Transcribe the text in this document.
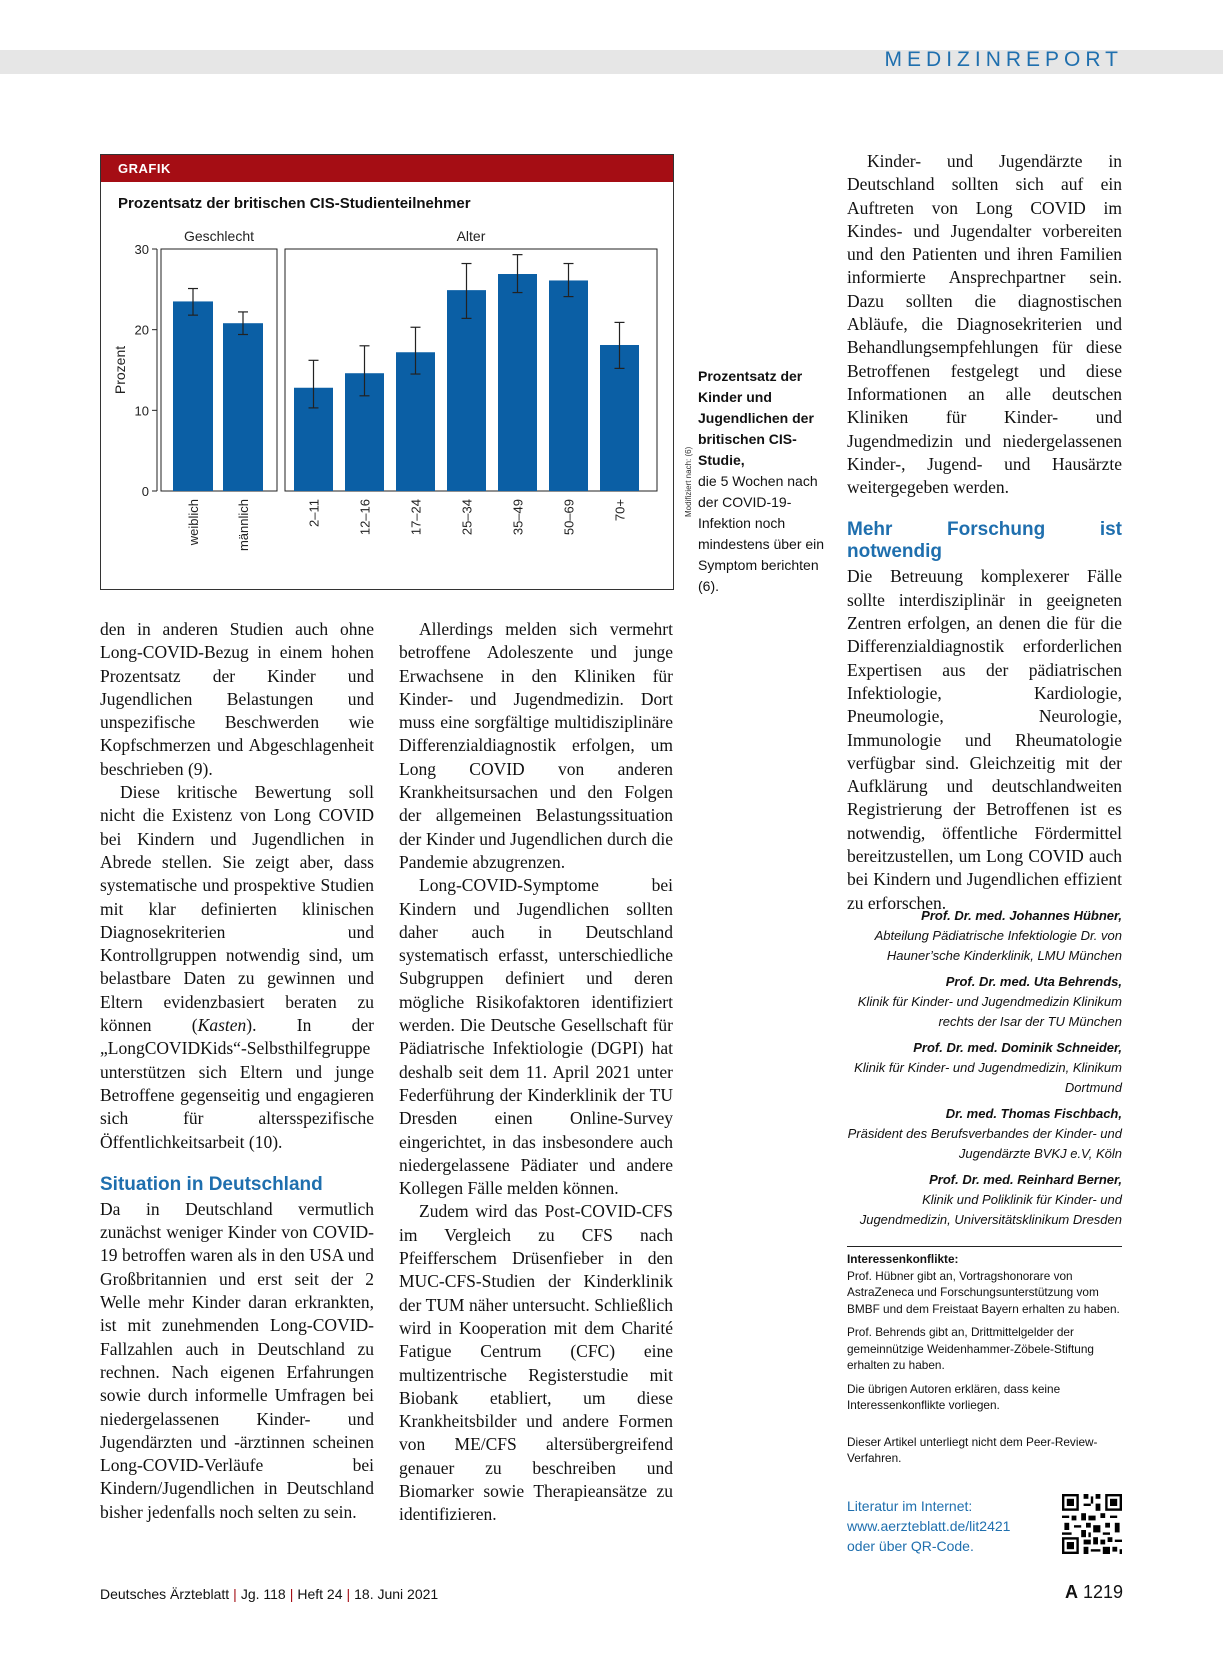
MEDIZINREPORT
GRAFIK
Prozentsatz der britischen CIS-Studienteilnehmer
0
10
20
30
Prozent
Geschlecht
weiblich	männlich
Alter
2–11	12–16	17–24	25–34	35–49	50–69	70+	Modifiziert nach: (6)
Prozentsatz der Kinder und Jugendlichen der britischen CIS-Studie,
die 5 Wochen nach der COVID-19-Infektion noch mindestens über ein Symptom berichten (6).

den in anderen Studien auch ohne Long-COVID-Bezug in einem hohen Prozentsatz der Kinder und Jugendlichen Belastungen und unspezifische Beschwerden wie Kopfschmerzen und Abgeschlagenheit beschrieben (9).

Diese kritische Bewertung soll nicht die Existenz von Long COVID bei Kindern und Jugendlichen in Abrede stellen. Sie zeigt aber, dass systematische und prospektive Studien mit klar definierten klinischen Diagnosekriterien und Kontrollgruppen notwendig sind, um belastbare Daten zu gewinnen und Eltern evidenzbasiert beraten zu können (Kasten). In der „LongCOVIDKids“-Selbsthilfegruppe unterstützen sich Eltern und junge Betroffene gegenseitig und engagieren sich für altersspezifische Öffentlichkeitsarbeit (10).

Situation in Deutschland

Da in Deutschland vermutlich zunächst weniger Kinder von COVID-19 betroffen waren als in den USA und Großbritannien und erst seit der 2 Welle mehr Kinder daran erkrankten, ist mit zunehmenden Long-COVID-Fallzahlen auch in Deutschland zu rechnen. Nach eigenen Erfahrungen sowie durch informelle Umfragen bei niedergelassenen Kinder- und Jugendärzten und -ärztinnen scheinen Long-COVID-Verläufe bei Kindern/Jugendlichen in Deutschland bisher jedenfalls noch selten zu sein.

Allerdings melden sich vermehrt betroffene Adoleszente und junge Erwachsene in den Kliniken für Kinder- und Jugendmedizin. Dort muss eine sorgfältige multidisziplinäre Differenzialdiagnostik erfolgen, um Long COVID von anderen Krankheitsursachen und den Folgen der allgemeinen Belastungssituation der Kinder und Jugendlichen durch die Pandemie abzugrenzen.

Long-COVID-Symptome bei Kindern und Jugendlichen sollten daher auch in Deutschland systematisch erfasst, unterschiedliche Subgruppen definiert und deren mögliche Risikofaktoren identifiziert werden. Die Deutsche Gesellschaft für Pädiatrische Infektiologie (DGPI) hat deshalb seit dem 11. April 2021 unter Federführung der Kinderklinik der TU Dresden einen Online-Survey eingerichtet, in das insbesondere auch niedergelassene Pädiater und andere Kollegen Fälle melden können.

Zudem wird das Post-COVID-CFS im Vergleich zu CFS nach Pfeifferschem Drüsenfieber in den MUC-CFS-Studien der Kinderklinik der TUM näher untersucht. Schließlich wird in Kooperation mit dem Charité Fatigue Centrum (CFC) eine multizentrische Registerstudie mit Biobank etabliert, um diese Krankheitsbilder und andere Formen von ME/CFS altersübergreifend genauer zu beschreiben und Biomarker sowie Therapieansätze zu identifizieren.

Kinder- und Jugendärzte in Deutschland sollten sich auf ein Auftreten von Long COVID im Kindes- und Jugendalter vorbereiten und den Patienten und ihren Familien informierte Ansprechpartner sein. Dazu sollten die diagnostischen Abläufe, die Diagnosekriterien und Behandlungsempfehlungen für diese Betroffenen festgelegt und diese Informationen an alle deutschen Kliniken für Kinder- und Jugendmedizin und niedergelassenen Kinder-, Jugend- und Hausärzte weitergegeben werden.

Mehr Forschung ist notwendig

Die Betreuung komplexerer Fälle sollte interdisziplinär in geeigneten Zentren erfolgen, an denen die für die Differenzialdiagnostik erforderlichen Expertisen aus der pädiatrischen Infektiologie, Kardiologie, Pneumologie, Neurologie, Immunologie und Rheumatologie verfügbar sind. Gleichzeitig mit der Aufklärung und deutschlandweiten Registrierung der Betroffenen ist es notwendig, öffentliche Fördermittel bereitzustellen, um Long COVID auch bei Kindern und Jugendlichen effizient zu erforschen.

Prof. Dr. med. Johannes Hübner,
Abteilung Pädiatrische Infektiologie Dr. von Hauner’sche Kinderklinik, LMU München
Prof. Dr. med. Uta Behrends,
Klinik für Kinder- und Jugendmedizin Klinikum rechts der Isar der TU München
Prof. Dr. med. Dominik Schneider,
Klinik für Kinder- und Jugendmedizin, Klinikum Dortmund
Dr. med. Thomas Fischbach,
Präsident des Berufsverbandes der Kinder- und Jugendärzte BVKJ e.V, Köln
Prof. Dr. med. Reinhard Berner,
Klinik und Poliklinik für Kinder- und Jugendmedizin, Universitätsklinikum Dresden

Interessenkonflikte:

Prof. Hübner gibt an, Vortragshonorare von AstraZeneca und Forschungsunterstützung vom BMBF und dem Freistaat Bayern erhalten zu haben.

Prof. Behrends gibt an, Drittmittelgelder der gemeinnützige Weidenhammer-Zöbele-Stiftung erhalten zu haben.

Die übrigen Autoren erklären, dass keine Interessenkonflikte vorliegen.

Dieser Artikel unterliegt nicht dem Peer-Review-Verfahren.

Literatur im Internet:
www.aerzteblatt.de/lit2421
oder über QR-Code.
Deutsches Ärzteblatt | Jg. 118 | Heft 24 | 18. Juni 2021	A 1219
